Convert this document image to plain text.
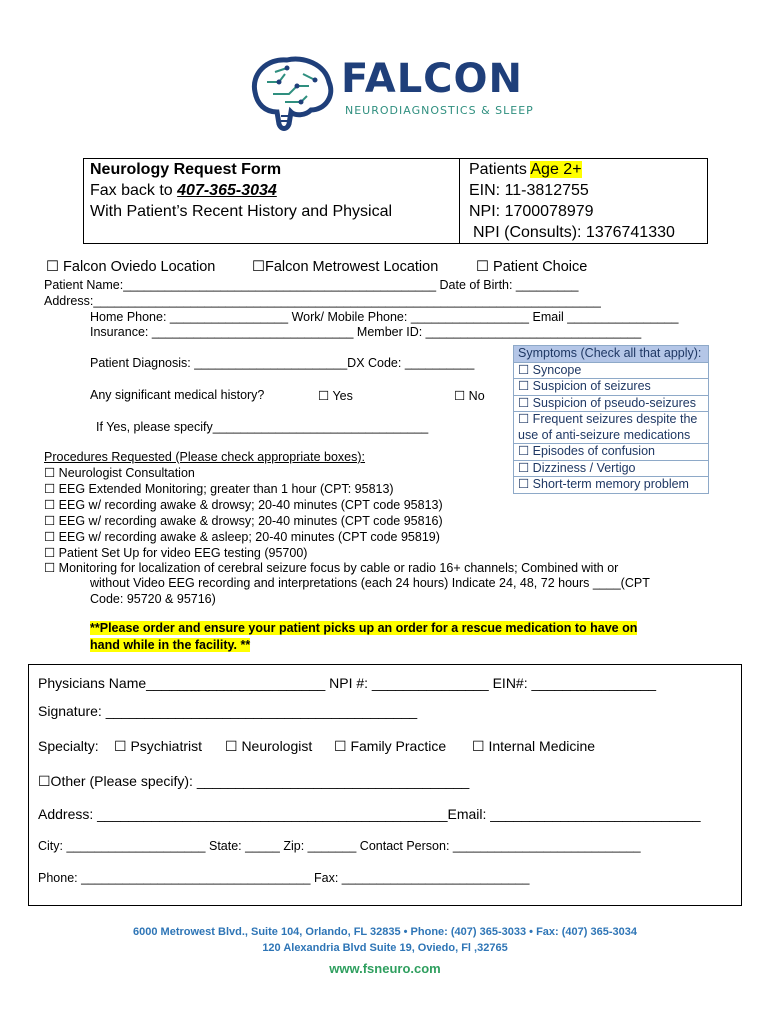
FALCON
NEURODIAGNOSTICS & SLEEP
Neurology Request Form
Fax back to 407-365-3034
With Patient’s Recent History and Physical
Patients Age 2+
EIN: 11-3812755
NPI: 1700078979
NPI (Consults): 1376741330
☐ Falcon Oviedo Location	☐Falcon Metrowest Location	☐ Patient Choice
Patient Name:_____________________________________________ Date of Birth: _________
Address:_________________________________________________________________________
Home Phone: _________________ Work/ Mobile Phone: _________________ Email ________________
Insurance: _____________________________ Member ID: _______________________________
Patient Diagnosis: ______________________DX Code: __________
Any significant medical history?	☐ Yes	☐ No
If Yes, please specify_______________________________
Symptoms (Check all that apply):
☐ Syncope
☐ Suspicion of seizures
☐ Suspicion of pseudo-seizures
☐ Frequent seizures despite the use of anti-seizure medications
☐ Episodes of confusion
☐ Dizziness / Vertigo
☐ Short-term memory problem
Procedures Requested (Please check appropriate boxes):
☐ Neurologist Consultation
☐ EEG Extended Monitoring; greater than 1 hour (CPT: 95813)
☐ EEG w/ recording awake & drowsy; 20-40 minutes (CPT code 95813)
☐ EEG w/ recording awake & drowsy; 20-40 minutes (CPT code 95816)
☐ EEG w/ recording awake & asleep; 20-40 minutes (CPT code 95819)
☐ Patient Set Up for video EEG testing (95700)
☐ Monitoring for localization of cerebral seizure focus by cable or radio 16+ channels; Combined with or
without Video EEG recording and interpretations (each 24 hours) Indicate 24, 48, 72 hours ____(CPT
Code: 95720 & 95716)
**Please order and ensure your patient picks up an order for a rescue medication to have on
hand while in the facility. **
Physicians Name_______________________ NPI #: _______________ EIN#: ________________
Signature: ________________________________________
Specialty: ☐ Psychiatrist ☐ Neurologist ☐ Family Practice ☐ Internal Medicine
☐Other (Please specify): ___________________________________
Address: _____________________________________________Email: ___________________________
City: ____________________ State: _____ Zip: _______ Contact Person: ___________________________
Phone: _________________________________ Fax: ___________________________
6000 Metrowest Blvd., Suite 104, Orlando, FL 32835 • Phone: (407) 365-3033 • Fax: (407) 365-3034
120 Alexandria Blvd Suite 19, Oviedo, Fl ,32765
www.fsneuro.com
